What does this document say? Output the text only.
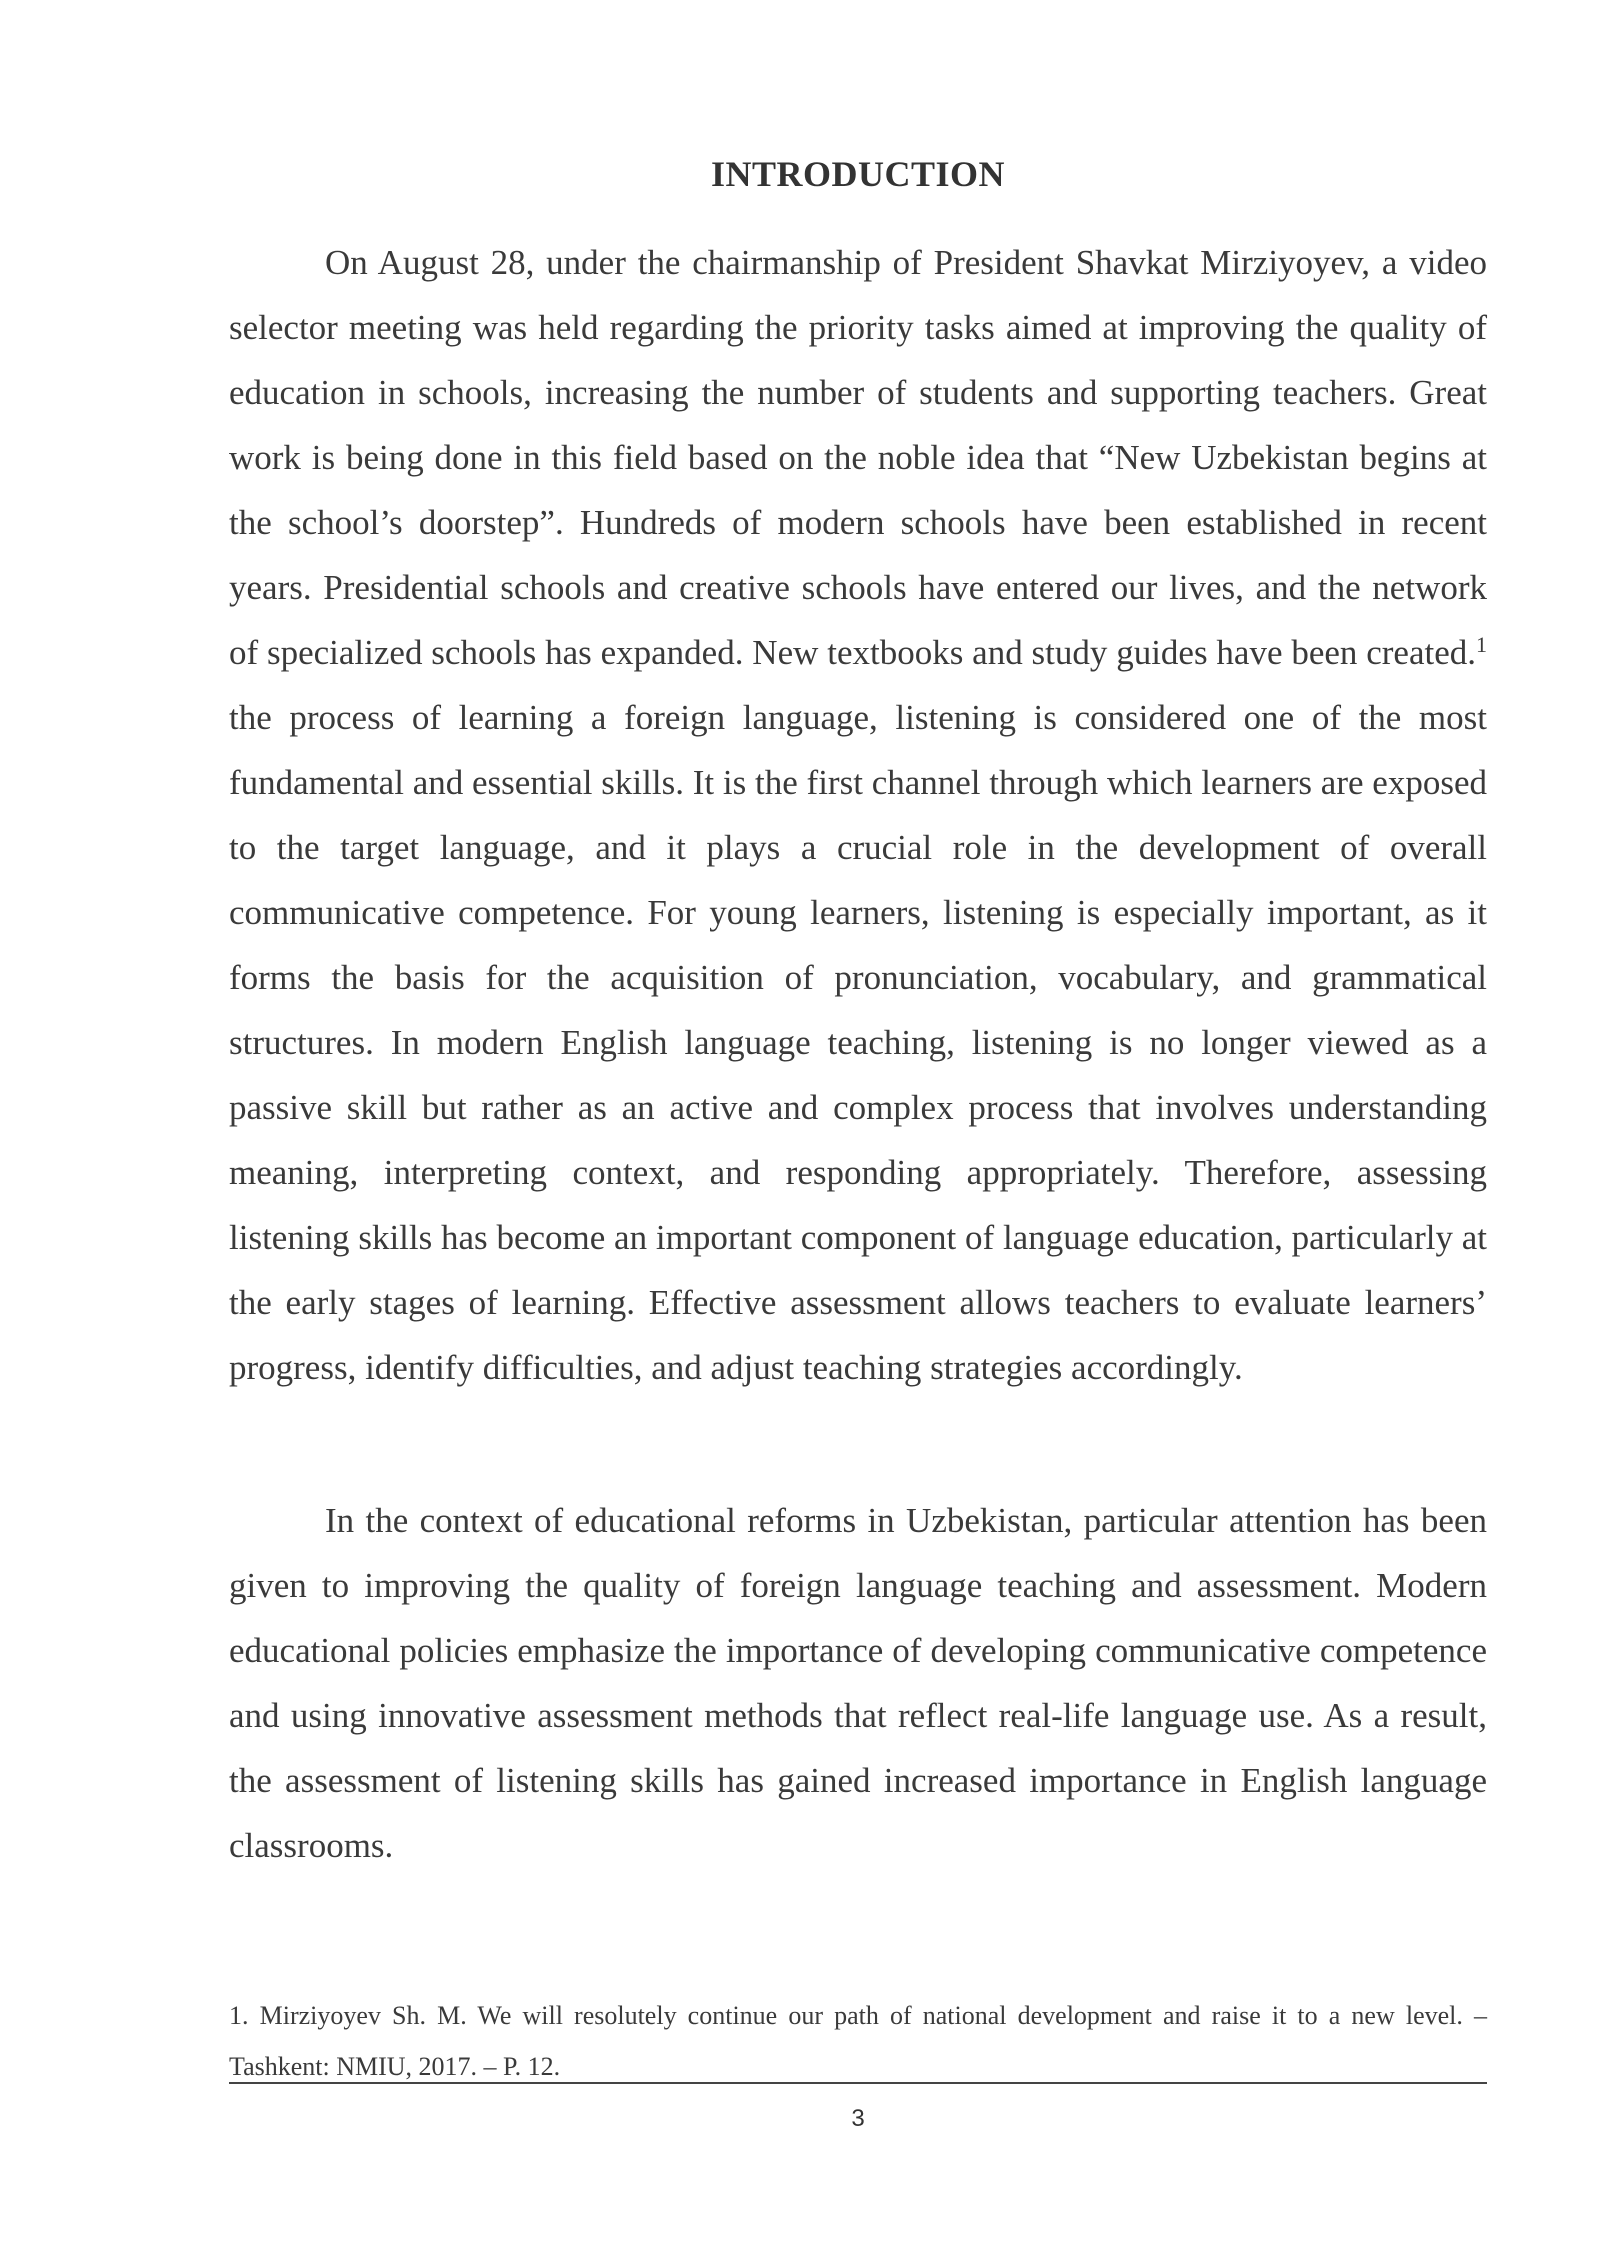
INTRODUCTION

On August 28, under the chairmanship of President Shavkat Mirziyoyev, a video selector meeting was held regarding the priority tasks aimed at improving the quality of education in schools, increasing the number of students and supporting teachers. Great work is being done in this field based on the noble idea that “New Uzbekistan begins at the school’s doorstep”. Hundreds of modern schools have been established in recent years. Presidential schools and creative schools have entered our lives, and the network of specialized schools has expanded. New textbooks and study guides have been created.$^1$  the process of learning a foreign language, listening is considered one of the most fundamental and essential skills. It is the first channel through which learners are exposed to the target language, and it plays a crucial role in the development of overall communicative competence. For young learners, listening is especially important, as it forms the basis for the acquisition of pronunciation, vocabulary, and grammatical structures. In modern English language teaching, listening is no longer viewed as a passive skill but rather as an active and complex process that involves understanding meaning, interpreting context, and responding appropriately. Therefore, assessing listening skills has become an important component of language education, particularly at the early stages of learning. Effective assessment allows teachers to evaluate learners’ progress, identify difficulties, and adjust teaching strategies accordingly.

In the context of educational reforms in Uzbekistan, particular attention has been given to improving the quality of foreign language teaching and assessment. Modern educational policies emphasize the importance of developing communicative competence and using innovative assessment methods that reflect real-life language use. As a result, the assessment of listening skills has gained increased importance in English language classrooms.

1. Mirziyoyev Sh. M. We will resolutely continue our path of national development and raise it to a new level. – Tashkent: NMIU, 2017. – P. 12.
3
